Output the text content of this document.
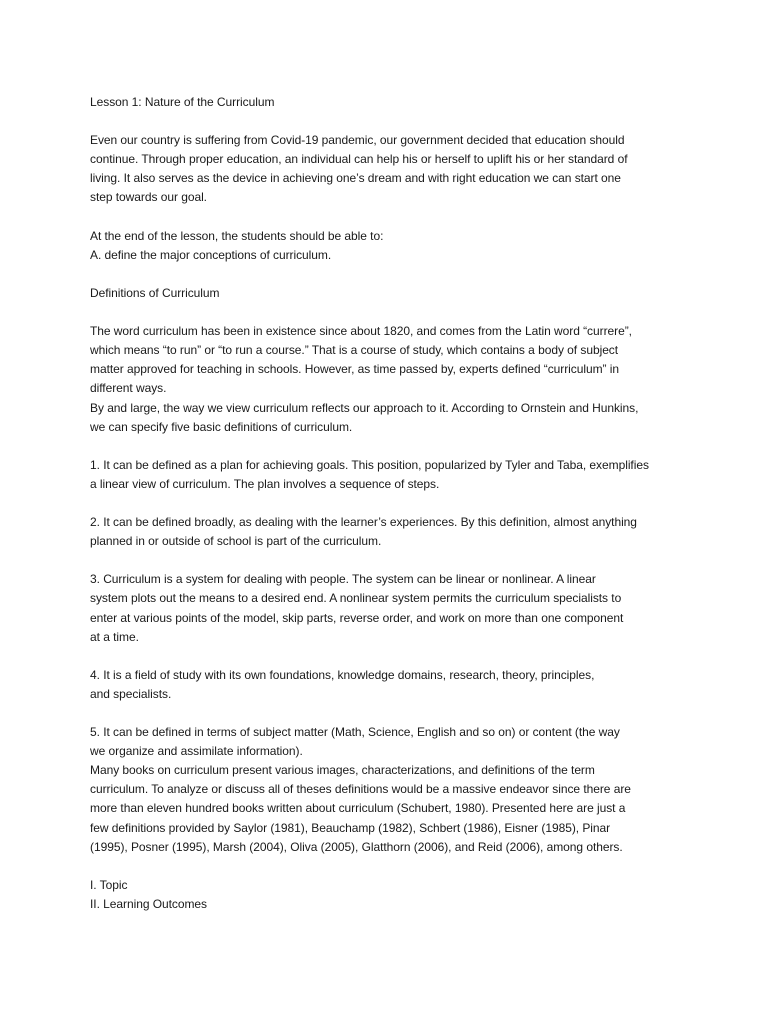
Lesson 1: Nature of the Curriculum

Even our country is suffering from Covid-19 pandemic, our government decided that education should
continue. Through proper education, an individual can help his or herself to uplift his or her standard of
living. It also serves as the device in achieving one’s dream and with right education we can start one
step towards our goal.

At the end of the lesson, the students should be able to:
A. define the major conceptions of curriculum.

Definitions of Curriculum

The word curriculum has been in existence since about 1820, and comes from the Latin word “currere”,
which means “to run” or “to run a course.” That is a course of study, which contains a body of subject
matter approved for teaching in schools. However, as time passed by, experts defined “curriculum” in
different ways.
By and large, the way we view curriculum reflects our approach to it. According to Ornstein and Hunkins,
we can specify five basic definitions of curriculum.

1. It can be defined as a plan for achieving goals. This position, popularized by Tyler and Taba, exemplifies
a linear view of curriculum. The plan involves a sequence of steps.

2. It can be defined broadly, as dealing with the learner’s experiences. By this definition, almost anything
planned in or outside of school is part of the curriculum.

3. Curriculum is a system for dealing with people. The system can be linear or nonlinear. A linear
system plots out the means to a desired end. A nonlinear system permits the curriculum specialists to
enter at various points of the model, skip parts, reverse order, and work on more than one component
at a time.

4. It is a field of study with its own foundations, knowledge domains, research, theory, principles,
and specialists.

5. It can be defined in terms of subject matter (Math, Science, English and so on) or content (the way
we organize and assimilate information).
Many books on curriculum present various images, characterizations, and definitions of the term
curriculum. To analyze or discuss all of theses definitions would be a massive endeavor since there are
more than eleven hundred books written about curriculum (Schubert, 1980). Presented here are just a
few definitions provided by Saylor (1981), Beauchamp (1982), Schbert (1986), Eisner (1985), Pinar
(1995), Posner (1995), Marsh (2004), Oliva (2005), Glatthorn (2006), and Reid (2006), among others.

I. Topic
II. Learning Outcomes
